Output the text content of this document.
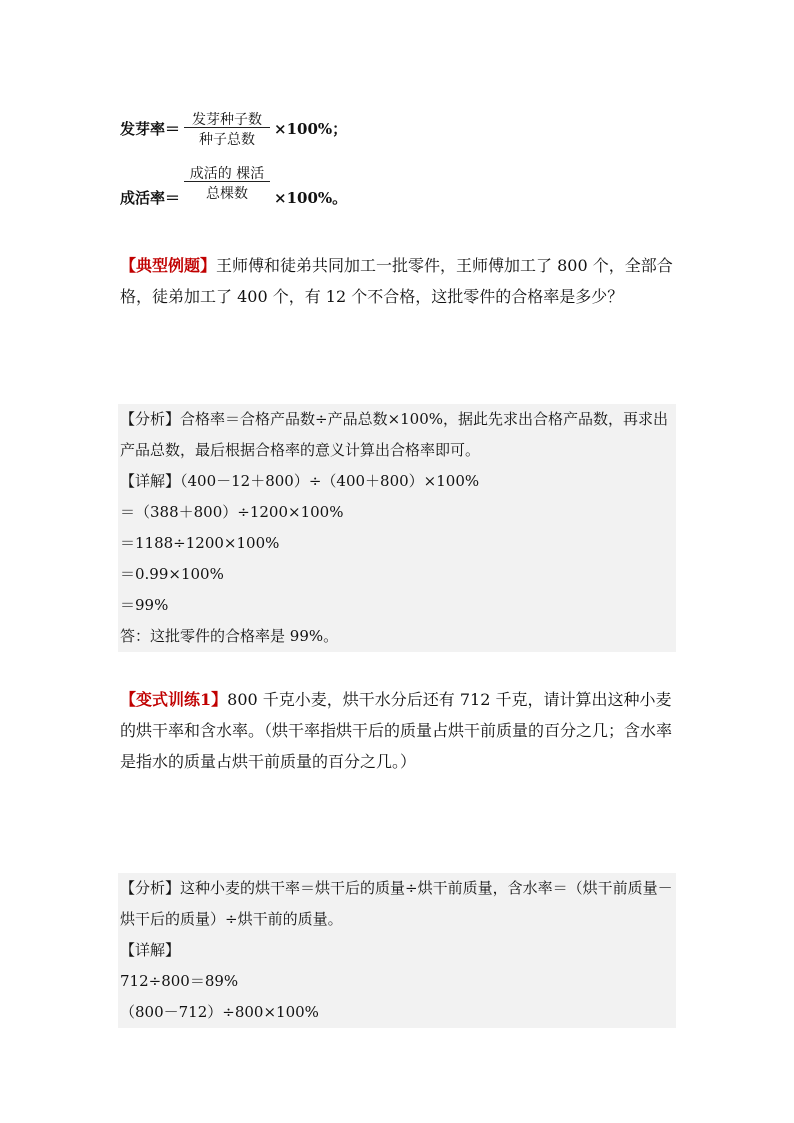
发芽率＝ 发芽种子数
种子总数
×100%；
成活率＝
成活的 棵活
总棵数	×100%。
【典型例题】王师傅和徒弟共同加工一批零件，王师傅加工了 800 个，全部合格，徒弟加工了 400 个，有 12 个不合格，这批零件的合格率是多少？
【分析】合格率＝合格产品数÷产品总数×100%，据此先求出合格产品数，再求出产品总数，最后根据合格率的意义计算出合格率即可。
【详解】（400－12＋800）÷（400＋800）×100%
＝（388＋800）÷1200×100%
＝1188÷1200×100%
＝0.99×100%
＝99%
答：这批零件的合格率是 99%。
【变式训练1】800 千克小麦，烘干水分后还有 712 千克，请计算出这种小麦的烘干率和含水率。（烘干率指烘干后的质量占烘干前质量的百分之几；含水率是指水的质量占烘干前质量的百分之几。）
【分析】这种小麦的烘干率＝烘干后的质量÷烘干前质量，含水率＝（烘干前质量－烘干后的质量）÷烘干前的质量。
【详解】
712÷800＝89%
（800－712）÷800×100%
